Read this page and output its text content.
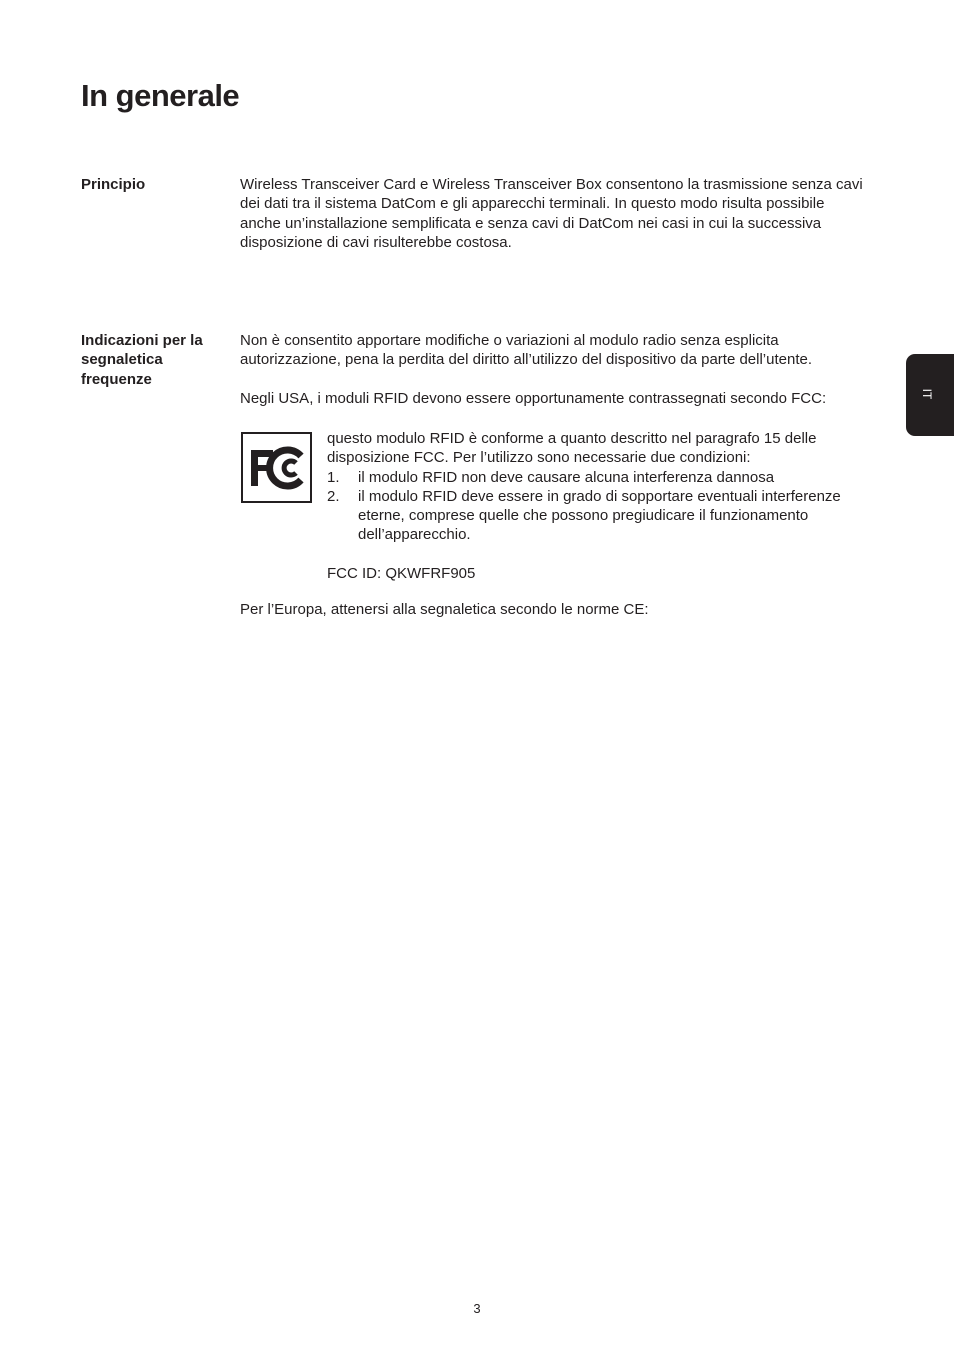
In generale
IT
Principio	Wireless Transceiver Card e Wireless Transceiver Box consentono la trasmissione senza cavi dei dati tra il sistema DatCom e gli apparecchi terminali. In questo modo risulta possibile anche un’installazione semplificata e senza cavi di DatCom nei casi in cui la successiva disposizione di cavi risulterebbe costosa.

Indicazioni per la segnaletica frequenze

Non è consentito apportare modifiche o variazioni al modulo radio senza esplicita autorizzazione, pena la perdita del diritto all’utilizzo del dispositivo da parte dell’utente.

Negli USA, i moduli RFID devono essere opportunamente contrassegnati secondo FCC:

questo modulo RFID è conforme a quanto descritto nel paragrafo 15 delle disposizione FCC. Per l’utilizzo sono necessarie due condizioni:
1.	il modulo RFID non deve causare alcuna interferenza dannosa
2.	il modulo RFID deve essere in grado di sopportare eventuali interferenze eterne, comprese quelle che possono pregiudicare il funzionamento dell’apparecchio.
FCC ID: QKWFRF905

Per l’Europa, attenersi alla segnaletica secondo le norme CE:

3
